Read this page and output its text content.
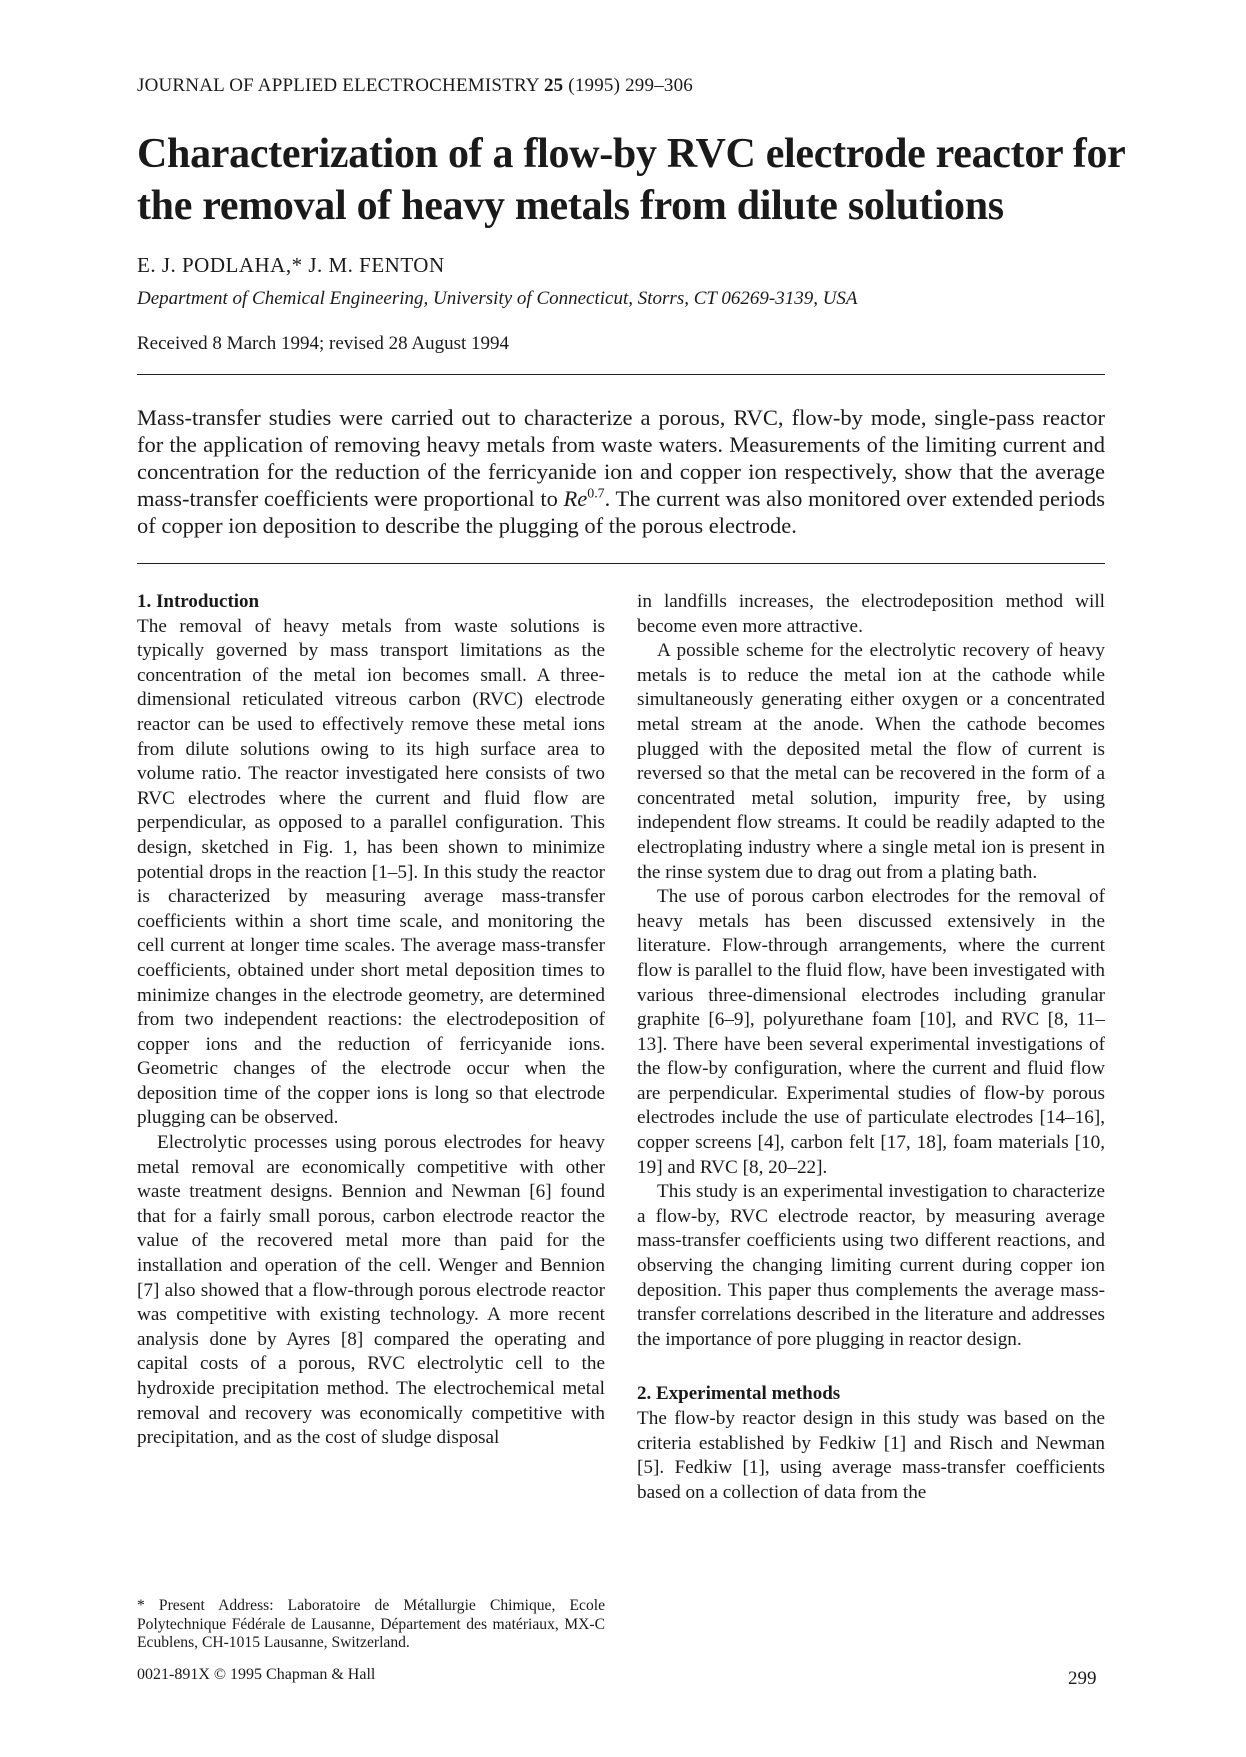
JOURNAL OF APPLIED ELECTROCHEMISTRY 25 (1995) 299–306
Characterization of a flow-by RVC electrode reactor for the removal of heavy metals from dilute solutions
E. J. PODLAHA,* J. M. FENTON
Department of Chemical Engineering, University of Connecticut, Storrs, CT 06269-3139, USA
Received 8 March 1994; revised 28 August 1994

Mass-transfer studies were carried out to characterize a porous, RVC, flow-by mode, single-pass reactor for the application of removing heavy metals from waste waters. Measurements of the limiting current and concentration for the reduction of the ferricyanide ion and copper ion respectively, show that the average mass-transfer coefficients were proportional to $Re^{0.7}$. The current was also monitored over extended periods of copper ion deposition to describe the plugging of the porous electrode.

1. Introduction

The removal of heavy metals from waste solutions is typically governed by mass transport limitations as the concentration of the metal ion becomes small. A three-dimensional reticulated vitreous carbon (RVC) electrode reactor can be used to effectively remove these metal ions from dilute solutions owing to its high surface area to volume ratio. The reactor investigated here consists of two RVC electrodes where the current and fluid flow are perpendicular, as opposed to a parallel configuration. This design, sketched in Fig. 1, has been shown to minimize potential drops in the reaction [1–5]. In this study the reactor is characterized by measuring average mass-transfer coefficients within a short time scale, and monitoring the cell current at longer time scales. The average mass-transfer coefficients, obtained under short metal deposition times to minimize changes in the electrode geometry, are determined from two independent reactions: the electrodeposition of copper ions and the reduction of ferricyanide ions. Geometric changes of the electrode occur when the deposition time of the copper ions is long so that electrode plugging can be observed.

Electrolytic processes using porous electrodes for heavy metal removal are economically competitive with other waste treatment designs. Bennion and Newman [6] found that for a fairly small porous, carbon electrode reactor the value of the recovered metal more than paid for the installation and operation of the cell. Wenger and Bennion [7] also showed that a flow-through porous electrode reactor was competitive with existing technology. A more recent analysis done by Ayres [8] compared the operating and capital costs of a porous, RVC electrolytic cell to the hydroxide precipitation method. The electrochemical metal removal and recovery was economically competitive with precipitation, and as the cost of sludge disposal

in landfills increases, the electrodeposition method will become even more attractive.

A possible scheme for the electrolytic recovery of heavy metals is to reduce the metal ion at the cathode while simultaneously generating either oxygen or a concentrated metal stream at the anode. When the cathode becomes plugged with the deposited metal the flow of current is reversed so that the metal can be recovered in the form of a concentrated metal solution, impurity free, by using independent flow streams. It could be readily adapted to the electroplating industry where a single metal ion is present in the rinse system due to drag out from a plating bath.

The use of porous carbon electrodes for the removal of heavy metals has been discussed extensively in the literature. Flow-through arrangements, where the current flow is parallel to the fluid flow, have been investigated with various three-dimensional electrodes including granular graphite [6–9], polyurethane foam [10], and RVC [8, 11–13]. There have been several experimental investigations of the flow-by configuration, where the current and fluid flow are perpendicular. Experimental studies of flow-by porous electrodes include the use of particulate electrodes [14–16], copper screens [4], carbon felt [17, 18], foam materials [10, 19] and RVC [8, 20–22].

This study is an experimental investigation to characterize a flow-by, RVC electrode reactor, by measuring average mass-transfer coefficients using two different reactions, and observing the changing limiting current during copper ion deposition. This paper thus complements the average mass-transfer correlations described in the literature and addresses the importance of pore plugging in reactor design.

2. Experimental methods

The flow-by reactor design in this study was based on the criteria established by Fedkiw [1] and Risch and Newman [5]. Fedkiw [1], using average mass-transfer coefficients based on a collection of data from the

* Present Address: Laboratoire de Métallurgie Chimique, Ecole Polytechnique Fédérale de Lausanne, Département des matériaux, MX-C Ecublens, CH-1015 Lausanne, Switzerland.

0021-891X © 1995 Chapman & Hall	299
